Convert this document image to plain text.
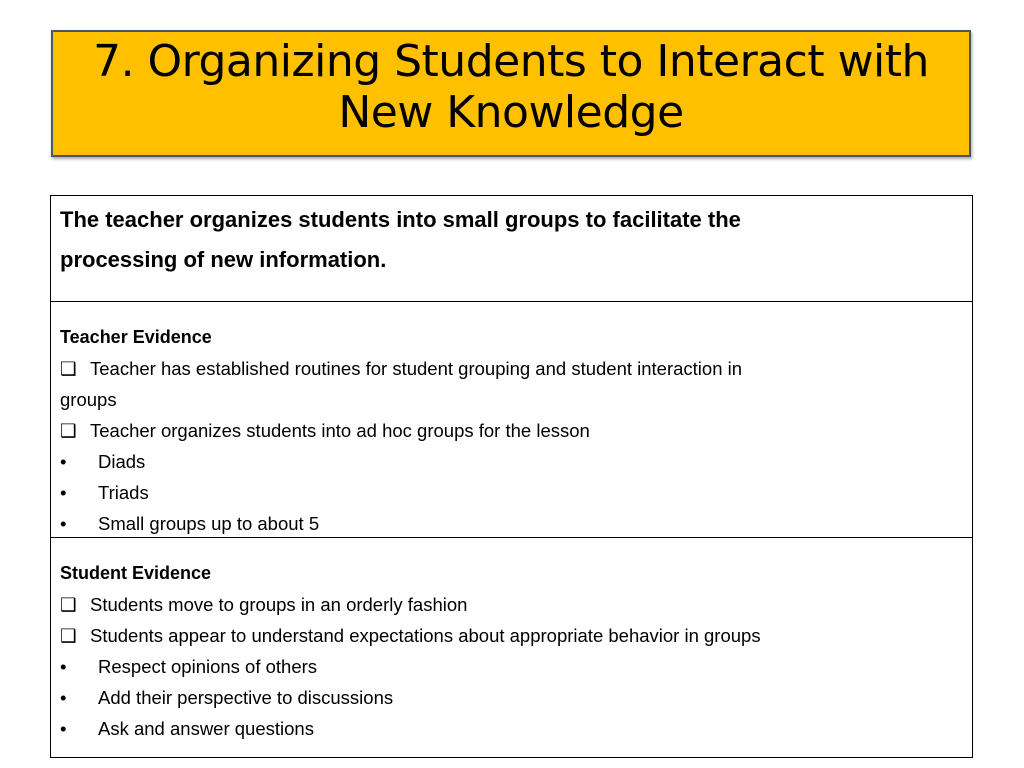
7. Organizing Students to Interact with
New Knowledge
The teacher organizes students into small groups to facilitate the
processing of new information.
Teacher Evidence
❑ Teacher has established routines for student grouping and student interaction in
groups
❑ Teacher organizes students into ad hoc groups for the lesson
• Diads
• Triads
• Small groups up to about 5
Student Evidence
❑ Students move to groups in an orderly fashion
❑ Students appear to understand expectations about appropriate behavior in groups
• Respect opinions of others
• Add their perspective to discussions
• Ask and answer questions
